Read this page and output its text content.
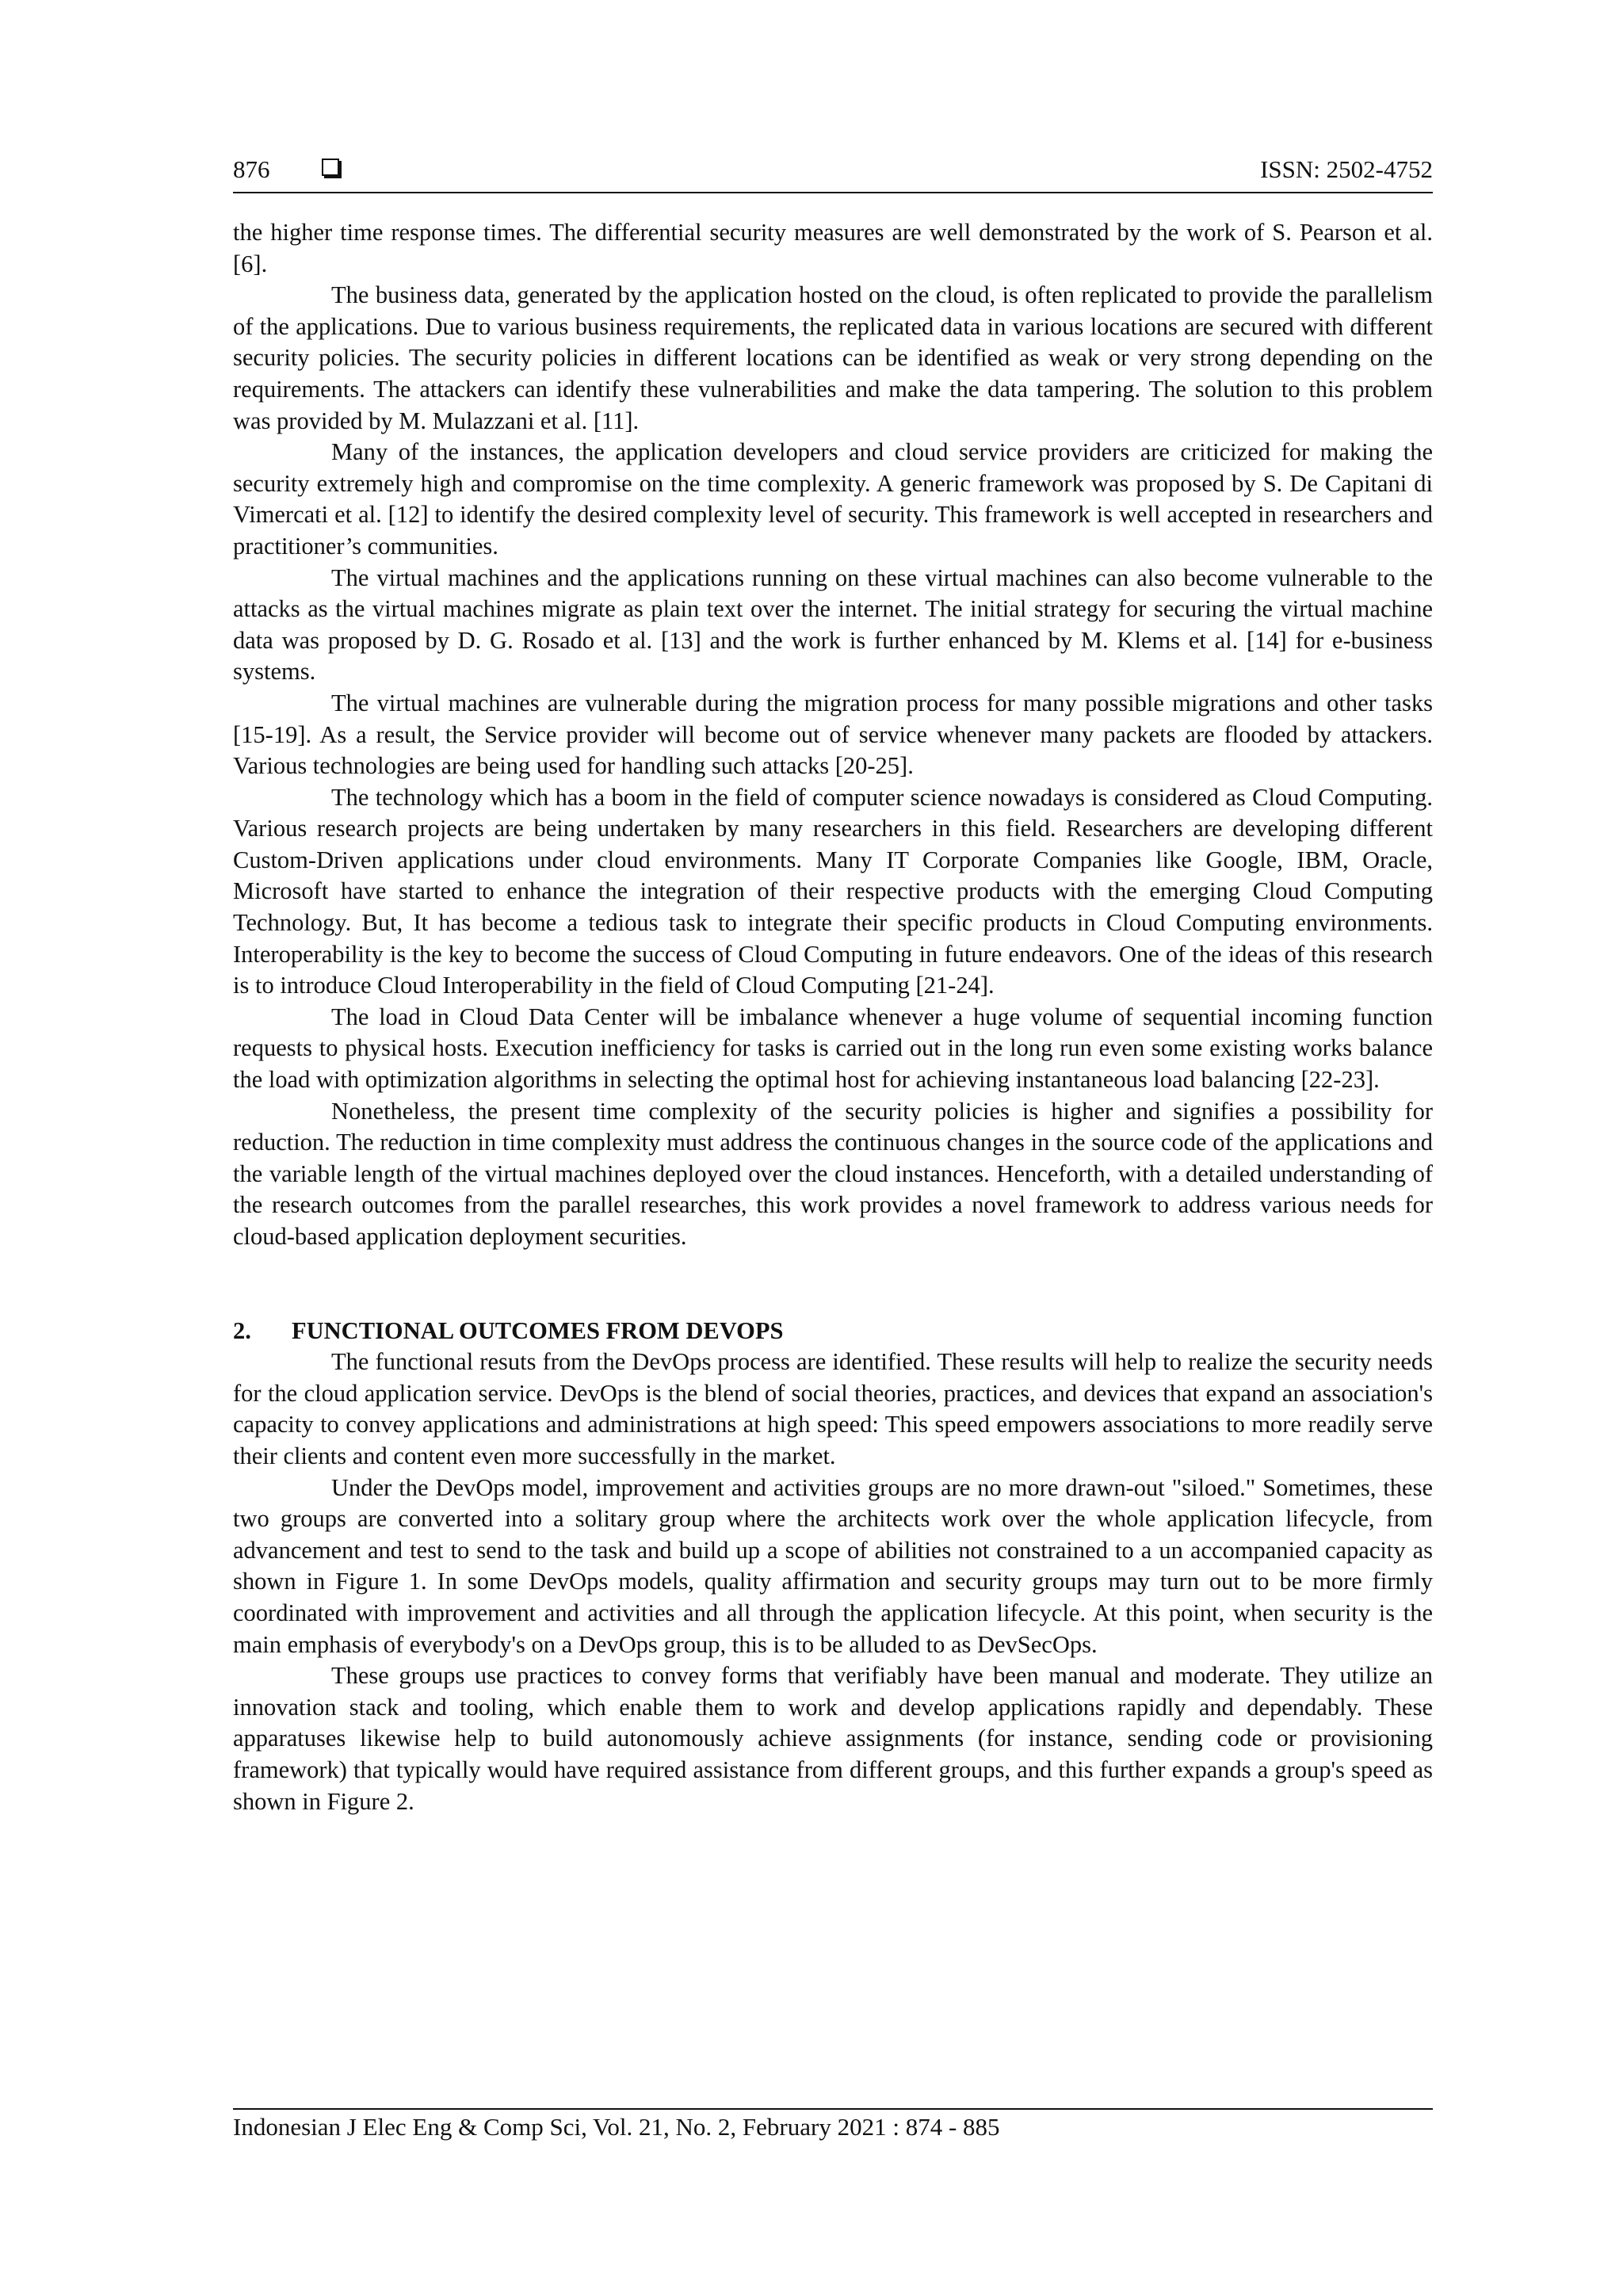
876	ISSN: 2502-4752

the higher time response times. The differential security measures are well demonstrated by the work of S. Pearson et al. [6].

The business data, generated by the application hosted on the cloud, is often replicated to provide the parallelism of the applications. Due to various business requirements, the replicated data in various locations are secured with different security policies. The security policies in different locations can be identified as weak or very strong depending on the requirements. The attackers can identify these vulnerabilities and make the data tampering. The solution to this problem was provided by M. Mulazzani et al. [11].

Many of the instances, the application developers and cloud service providers are criticized for making the security extremely high and compromise on the time complexity. A generic framework was proposed by S. De Capitani di Vimercati et al. [12] to identify the desired complexity level of security. This framework is well accepted in researchers and practitioner’s communities.

The virtual machines and the applications running on these virtual machines can also become vulnerable to the attacks as the virtual machines migrate as plain text over the internet. The initial strategy for securing the virtual machine data was proposed by D. G. Rosado et al. [13] and the work is further enhanced by M. Klems et al. [14] for e-business systems.

The virtual machines are vulnerable during the migration process for many possible migrations and other tasks [15-19]. As a result, the Service provider will become out of service whenever many packets are flooded by attackers. Various technologies are being used for handling such attacks [20-25].

The technology which has a boom in the field of computer science nowadays is considered as Cloud Computing. Various research projects are being undertaken by many researchers in this field. Researchers are developing different Custom-Driven applications under cloud environments. Many IT Corporate Companies like Google, IBM, Oracle, Microsoft have started to enhance the integration of their respective products with the emerging Cloud Computing Technology. But, It has become a tedious task to integrate their specific products in Cloud Computing environments. Interoperability is the key to become the success of Cloud Computing in future endeavors. One of the ideas of this research is to introduce Cloud Interoperability in the field of Cloud Computing [21-24].

The load in Cloud Data Center will be imbalance whenever a huge volume of sequential incoming function requests to physical hosts. Execution inefficiency for tasks is carried out in the long run even some existing works balance the load with optimization algorithms in selecting the optimal host for achieving instantaneous load balancing [22-23].

Nonetheless, the present time complexity of the security policies is higher and signifies a possibility for reduction. The reduction in time complexity must address the continuous changes in the source code of the applications and the variable length of the virtual machines deployed over the cloud instances. Henceforth, with a detailed understanding of the research outcomes from the parallel researches, this work provides a novel framework to address various needs for cloud-based application deployment securities.

2. FUNCTIONAL OUTCOMES FROM DEVOPS

The functional resuts from the DevOps process are identified. These results will help to realize the security needs for the cloud application service. DevOps is the blend of social theories, practices, and devices that expand an association's capacity to convey applications and administrations at high speed: This speed empowers associations to more readily serve their clients and content even more successfully in the market.

Under the DevOps model, improvement and activities groups are no more drawn-out "siloed." Sometimes, these two groups are converted into a solitary group where the architects work over the whole application lifecycle, from advancement and test to send to the task and build up a scope of abilities not constrained to a un accompanied capacity as shown in Figure 1. In some DevOps models, quality affirmation and security groups may turn out to be more firmly coordinated with improvement and activities and all through the application lifecycle. At this point, when security is the main emphasis of everybody's on a DevOps group, this is to be alluded to as DevSecOps.

These groups use practices to convey forms that verifiably have been manual and moderate. They utilize an innovation stack and tooling, which enable them to work and develop applications rapidly and dependably. These apparatuses likewise help to build autonomously achieve assignments (for instance, sending code or provisioning framework) that typically would have required assistance from different groups, and this further expands a group's speed as shown in Figure 2.

Indonesian J Elec Eng & Comp Sci, Vol. 21, No. 2, February 2021 : 874 - 885
